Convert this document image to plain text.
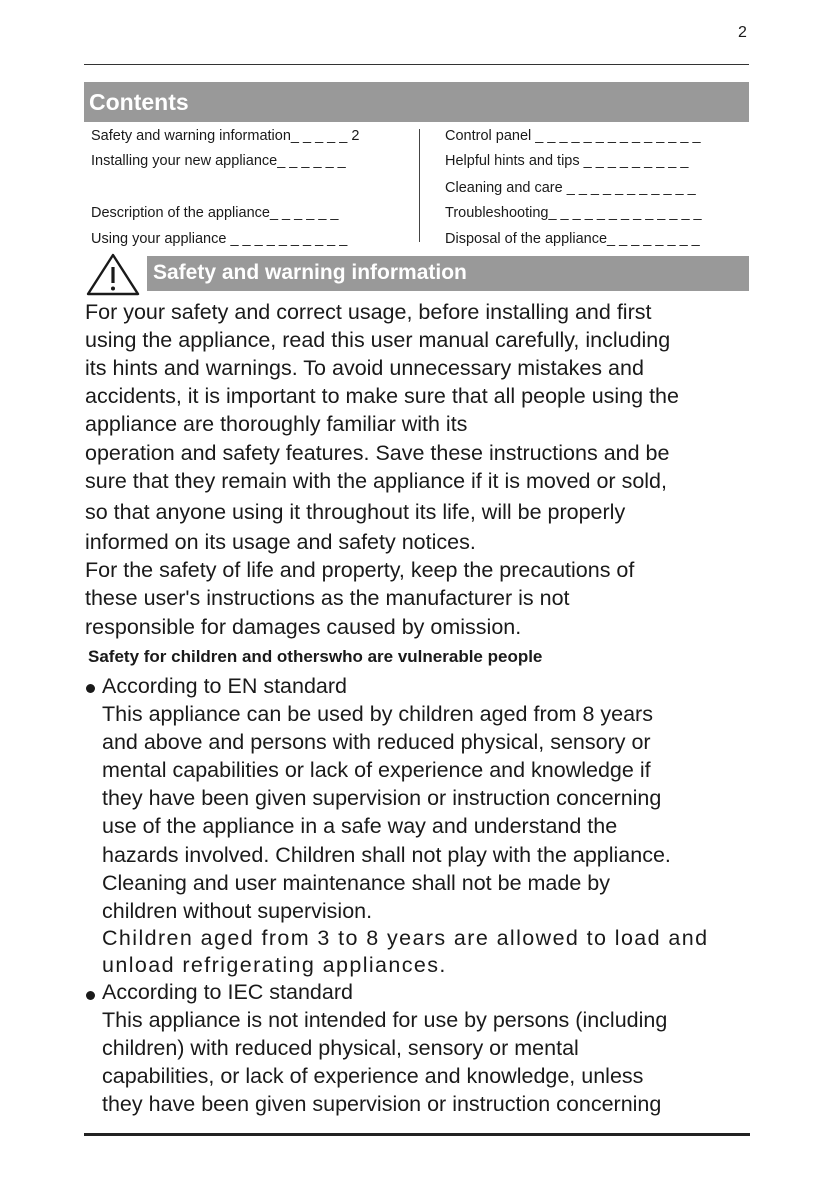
2
Contents
Safety and warning information_ _ _ _ _ 2
Installing your new appliance_ _ _ _ _ _
Description of the appliance_ _ _ _ _ _
Using your appliance _ _ _ _ _ _ _ _ _ _
Control panel _ _ _ _ _ _ _ _ _ _ _ _ _ _
Helpful hints and tips _ _ _ _ _ _ _ _ _
Cleaning and care _ _ _ _ _ _ _ _ _ _ _
Troubleshooting_ _ _ _ _ _ _ _ _ _ _ _ _
Disposal of the appliance_ _ _ _ _ _ _ _
Safety and warning information
For your safety and correct usage, before installing and first
using the appliance, read this user manual carefully, including
its hints and warnings. To avoid unnecessary mistakes and
accidents, it is important to make sure that all people using the
appliance are thoroughly familiar with its
operation and safety features. Save these instructions and be
sure that they remain with the appliance if it is moved or sold,
so that anyone using it throughout its life, will be properly
informed on its usage and safety notices.
For the safety of life and property, keep the precautions of
these user's instructions as the manufacturer is not
responsible for damages caused by omission.
Safety for children and otherswho are vulnerable people
According to EN standard
This appliance can be used by children aged from 8 years
and above and persons with reduced physical, sensory or
mental capabilities or lack of experience and knowledge if
they have been given supervision or instruction concerning
use of the appliance in a safe way and understand the
hazards involved. Children shall not play with the appliance.
Cleaning and user maintenance shall not be made by
children without supervision.
Children aged from 3 to 8 years are allowed to load and
unload refrigerating appliances.
According to IEC standard
This appliance is not intended for use by persons (including
children) with reduced physical, sensory or mental
capabilities, or lack of experience and knowledge, unless
they have been given supervision or instruction concerning
